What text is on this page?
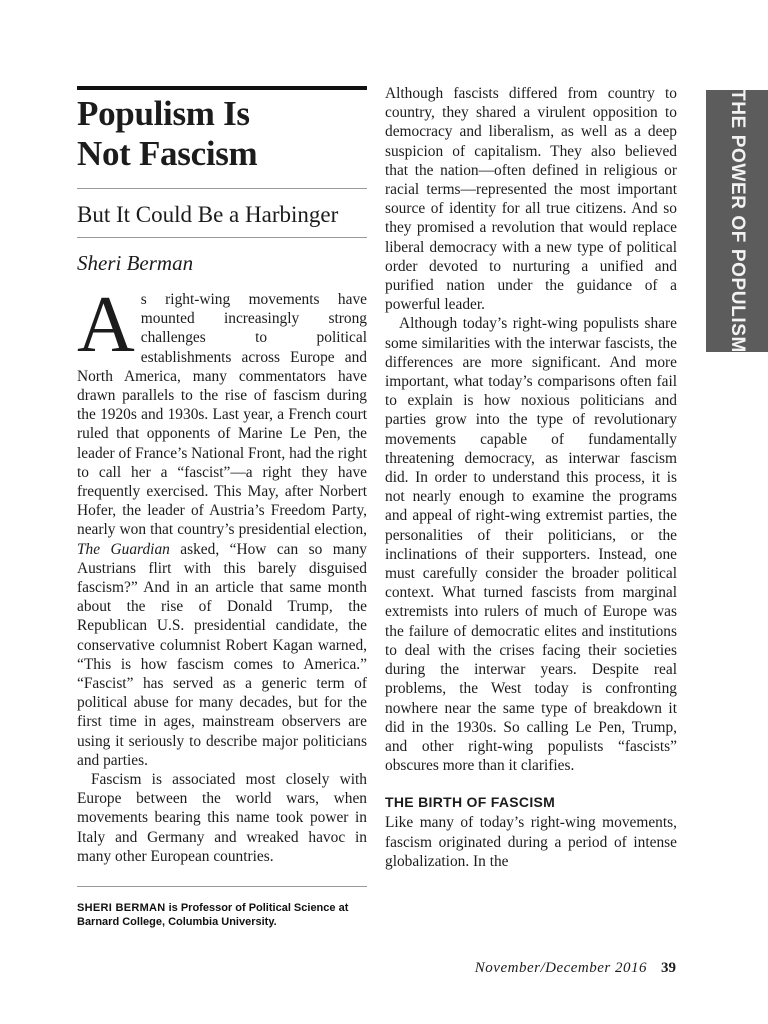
Populism Is
Not Fascism
But It Could Be a Harbinger
Sheri Berman

As right-wing movements have mounted increasingly strong challenges to political establishments across Europe and North America, many commentators have drawn parallels to the rise of fascism during the 1920s and 1930s. Last year, a French court ruled that opponents of Marine Le Pen, the leader of France’s National Front, had the right to call her a “fascist”—a right they have frequently exercised. This May, after Norbert Hofer, the leader of Austria’s Freedom Party, nearly won that country’s presidential election, The Guardian asked, “How can so many Austrians flirt with this barely disguised fascism?” And in an article that same month about the rise of Donald Trump, the Republican U.S. presidential candidate, the conservative columnist Robert Kagan warned, “This is how fascism comes to America.” “Fascist” has served as a generic term of political abuse for many decades, but for the first time in ages, mainstream observers are using it seriously to describe major politicians and parties.

Fascism is associated most closely with Europe between the world wars, when movements bearing this name took power in Italy and Germany and wreaked havoc in many other European countries.

SHERI BERMAN is Professor of Political Science at Barnard College, Columbia University.

Although fascists differed from country to country, they shared a virulent opposition to democracy and liberalism, as well as a deep suspicion of capitalism. They also believed that the nation—often defined in religious or racial terms—represented the most important source of identity for all true citizens. And so they promised a revolution that would replace liberal democracy with a new type of political order devoted to nurturing a unified and purified nation under the guidance of a powerful leader.

Although today’s right-wing populists share some similarities with the interwar fascists, the differences are more significant. And more important, what today’s comparisons often fail to explain is how noxious politicians and parties grow into the type of revolutionary movements capable of fundamentally threatening democracy, as interwar fascism did. In order to understand this process, it is not nearly enough to examine the programs and appeal of right-wing extremist parties, the personalities of their politicians, or the inclinations of their supporters. Instead, one must carefully consider the broader political context. What turned fascists from marginal extremists into rulers of much of Europe was the failure of democratic elites and institutions to deal with the crises facing their societies during the interwar years. Despite real problems, the West today is confronting nowhere near the same type of breakdown it did in the 1930s. So calling Le Pen, Trump, and other right-wing populists “fascists” obscures more than it clarifies.

THE BIRTH OF FASCISM

Like many of today’s right-wing movements, fascism originated during a period of intense globalization. In the

THE POWER OF POPULISM
November/December 2016 39
